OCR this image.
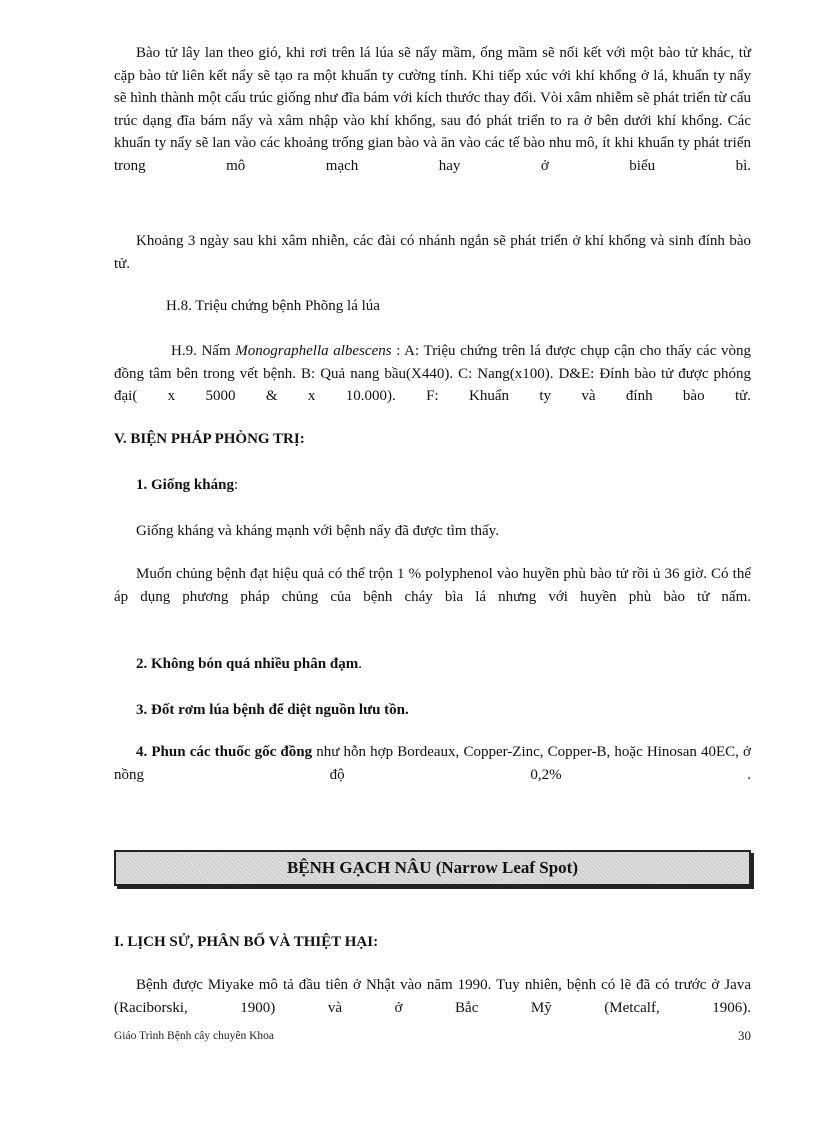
Bào tử lây lan theo gió, khi rơi trên lá lúa sẽ nẩy mầm, ống mầm sẽ nối kết với một bào tử khác, từ cặp bào tử liên kết nẩy sẽ tạo ra một khuẩn ty cường tính. Khi tiếp xúc với khí khổng ở lá, khuẩn ty nẩy sẽ hình thành một cấu trúc giống như đĩa bám với kích thước thay đổi. Vòi xâm nhiễm sẽ phát triển từ cấu trúc dạng đĩa bám nẩy và xâm nhập vào khí khổng, sau đó phát triển to ra ở bên dưới khí khổng. Các khuẩn ty nẩy sẽ lan vào các khoảng trống gian bào và ăn vào các tế bào nhu mô, ít khi khuẩn ty phát triển trong mô mạch hay ở biểu bì.

Khoảng 3 ngày sau khi xâm nhiễn, các đài có nhánh ngắn sẽ phát triển ở khí khổng và sinh đính bào tử.

H.8. Triệu chứng bệnh Phõng lá lúa

H.9. Nấm Monographella albescens : A: Triệu chứng trên lá được chụp cận cho thấy các vòng đồng tâm bên trong vết bệnh. B: Quả nang bầu(X440). C: Nang(x100). D&E: Đính bào tử được phóng đại( x 5000 & x 10.000). F: Khuẩn ty và đính bào tử.

V. BIỆN PHÁP PHÒNG TRỊ:

1. Giống kháng:

Giống kháng và kháng mạnh với bệnh nẩy đã được tìm thấy.

Muốn chủng bệnh đạt hiệu quả có thể trộn 1 % polyphenol vào huyền phù bào tử rồi ủ 36 giờ. Có thể áp dụng phương pháp chủng của bệnh cháy bìa lá nhưng với huyền phù bào tử nấm.

2. Không bón quá nhiều phân đạm.

3. Đốt rơm lúa bệnh để diệt nguồn lưu tồn.

4. Phun các thuốc gốc đồng như hỗn hợp Bordeaux, Copper-Zinc, Copper-B, hoặc Hinosan 40EC, ở nồng độ 0,2% .

BỆNH GẠCH NÂU (Narrow Leaf Spot)

I. LỊCH SỬ, PHÂN BỐ VÀ THIỆT HẠI:

Bệnh được Miyake mô tả đầu tiên ở Nhật vào năm 1990. Tuy nhiên, bệnh có lẽ đã có trước ở Java (Raciborski, 1900) và ở Bắc Mỹ (Metcalf, 1906).

Giáo Trình Bệnh cây chuyên Khoa	30
